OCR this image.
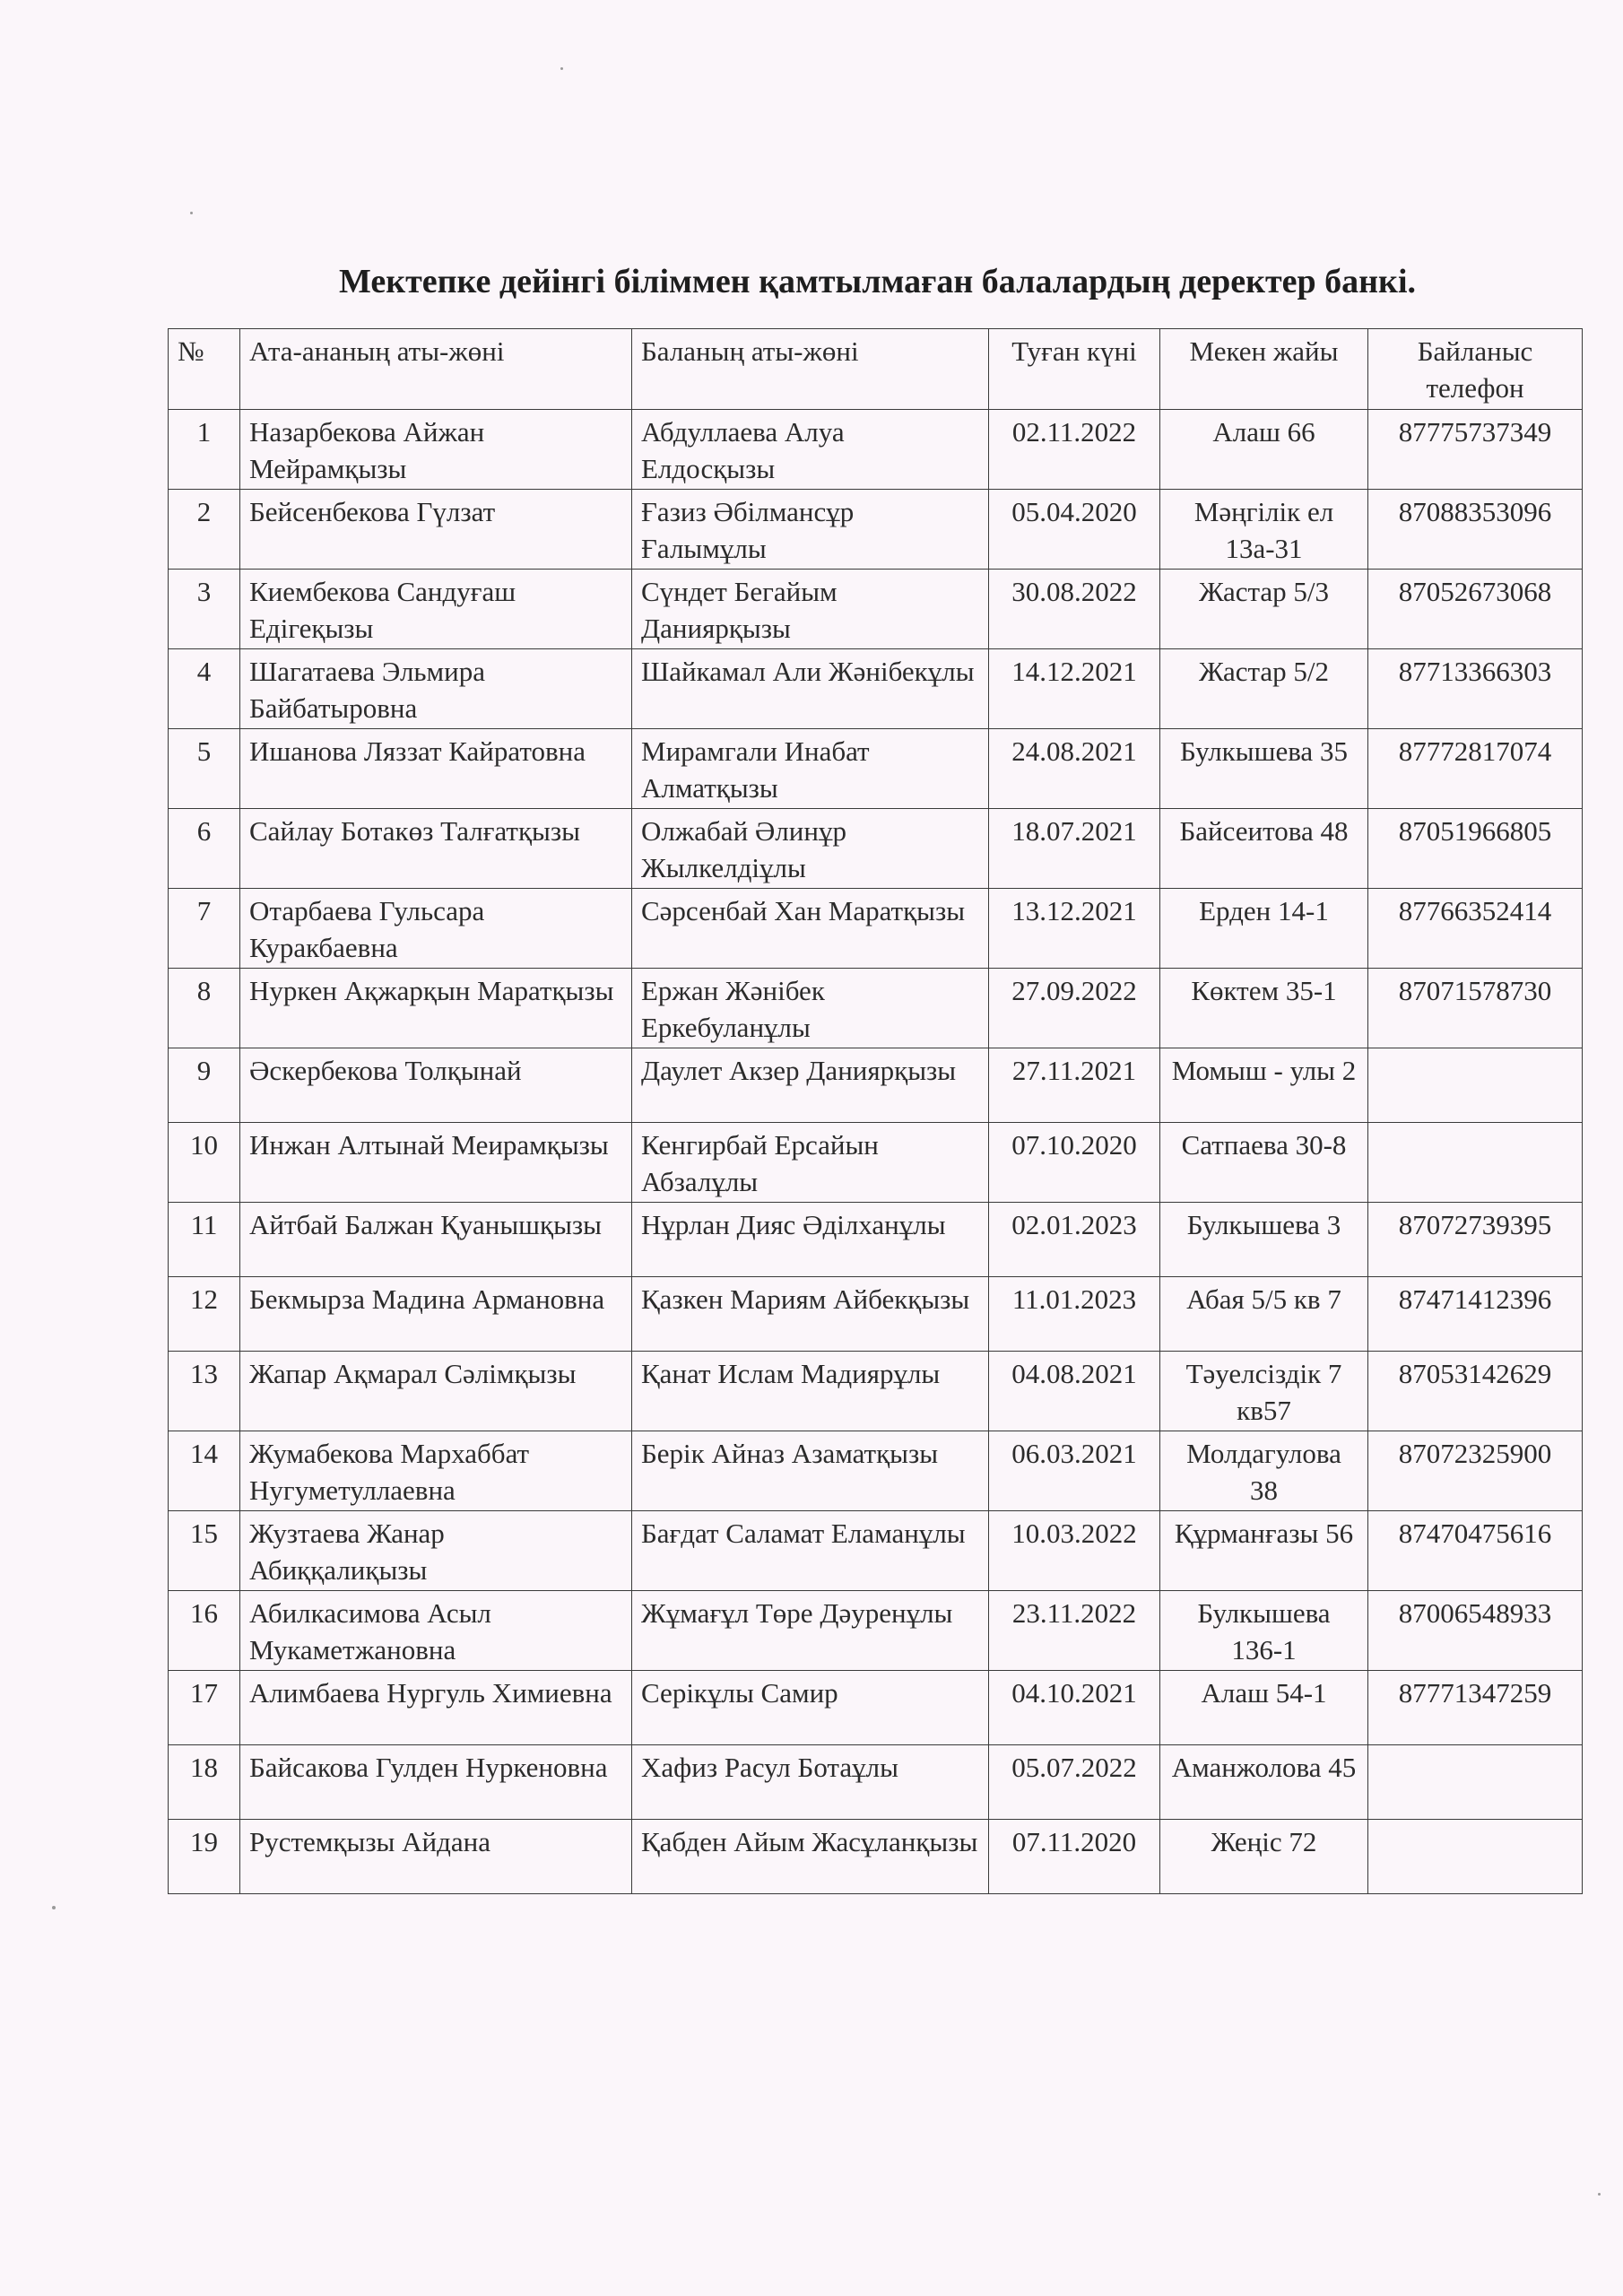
Мектепке дейінгі біліммен қамтылмаған балалардың деректер банкі.
№	Ата-ананың аты-жөні	Баланың аты-жөні	Туған күні	Мекен жайы	Байланыс телефон
1	Назарбекова Айжан Мейрамқызы	Абдуллаева Алуа Елдосқызы	02.11.2022	Алаш 66	87775737349
2	Бейсенбекова Гүлзат	Ғазиз Әбілмансұр Ғалымұлы	05.04.2020	Мәңгілік ел 13а-31	87088353096
3	Киембекова Сандуғаш Едігеқызы	Сүндет Бегайым Даниярқызы	30.08.2022	Жастар 5/3	87052673068
4	Шагатаева Эльмира Байбатыровна	Шайкамал Али Жәнібекұлы	14.12.2021	Жастар 5/2	87713366303
5	Ишанова Ляззат Кайратовна	Мирамгали Инабат Алматқызы	24.08.2021	Булкышева 35	87772817074
6	Сайлау Ботакөз Талғатқызы	Олжабай Әлинұр Жылкелдіұлы	18.07.2021	Байсеитова 48	87051966805
7	Отарбаева Гульсара Куракбаевна	Сәрсенбай Хан Маратқызы	13.12.2021	Ерден 14-1	87766352414
8	Нуркен Ақжарқын Маратқызы	Ержан Жәнібек Еркебуланұлы	27.09.2022	Көктем 35-1	87071578730
9	Әскербекова Толқынай	Даулет Акзер Даниярқызы	27.11.2021	Момыш - улы 2	
10	Инжан Алтынай Меирамқызы	Кенгирбай Ерсайын Абзалұлы	07.10.2020	Сатпаева 30-8	
11	Айтбай Балжан Қуанышқызы	Нұрлан Дияс Әділханұлы	02.01.2023	Булкышева 3	87072739395
12	Бекмырза Мадина Армановна	Қазкен Мариям Айбекқызы	11.01.2023	Абая 5/5 кв 7	87471412396
13	Жапар Ақмарал Сәлімқызы	Қанат Ислам Мадиярұлы	04.08.2021	Тәуелсіздік 7 кв57	87053142629
14	Жумабекова Мархаббат Нугуметуллаевна	Берік Айназ Азаматқызы	06.03.2021	Молдагулова 38	87072325900
15	Жузтаева Жанар Абиққалиқызы	Бағдат Саламат Еламанұлы	10.03.2022	Құрманғазы 56	87470475616
16	Абилкасимова Асыл Мукаметжановна	Жұмағұл Төре Дәуренұлы	23.11.2022	Булкышева 136-1	87006548933
17	Алимбаева Нургуль Химиевна	Серікұлы Самир	04.10.2021	Алаш 54-1	87771347259
18	Байсакова Гулден Нуркеновна	Хафиз Расул Ботаұлы	05.07.2022	Аманжолова 45	
19	Рустемқызы Айдана	Қабден Айым Жасұланқызы	07.11.2020	Жеңіс 72	
